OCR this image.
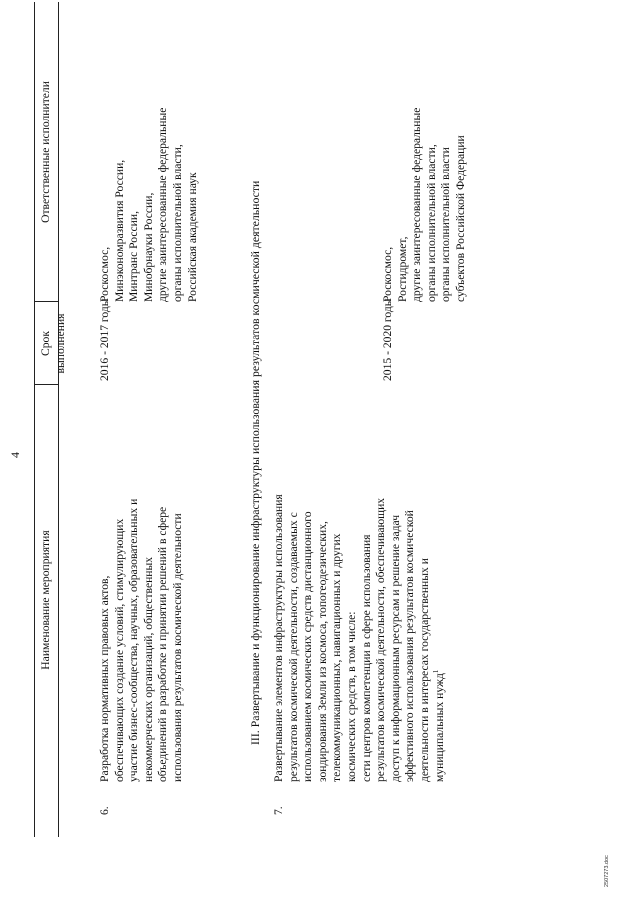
4
Наименование мероприятия
Срок выполнения
Ответственные исполнители
6.
Разработка нормативных правовых актов, обеспечивающих создание условий, стимулирующих участие бизнес-сообщества, научных, образовательных и некоммерческих организаций, общественных объединений в разработке и принятии решений в сфере использования результатов космической деятельности
2016 - 2017 годы
Роскосмос, Минэкономразвития России, Минтранс России, Минобрнауки России, другие заинтересованные федеральные органы исполнительной власти, Российская академия наук	III. Развертывание и функционирование инфраструктуры использования результатов космической деятельности
7.
Развертывание элементов инфраструктуры использования результатов космической деятельности, создаваемых с использованием космических средств дистанционного зондирования Земли из космоса, топогеодезических, телекоммуникационных, навигационных и других космических средств, в том числе: сети центров компетенции в сфере использования результатов космической деятельности, обеспечивающих доступ к информационным ресурсам и решение задач эффективного использования результатов космической деятельности в интересах государственных и муниципальных нужд$^1$
2015 - 2020 годы
Роскосмос, Ростидромет, другие заинтересованные федеральные органы исполнительной власти, органы исполнительной власти субъектов Российской Федерации
2507273.doc
